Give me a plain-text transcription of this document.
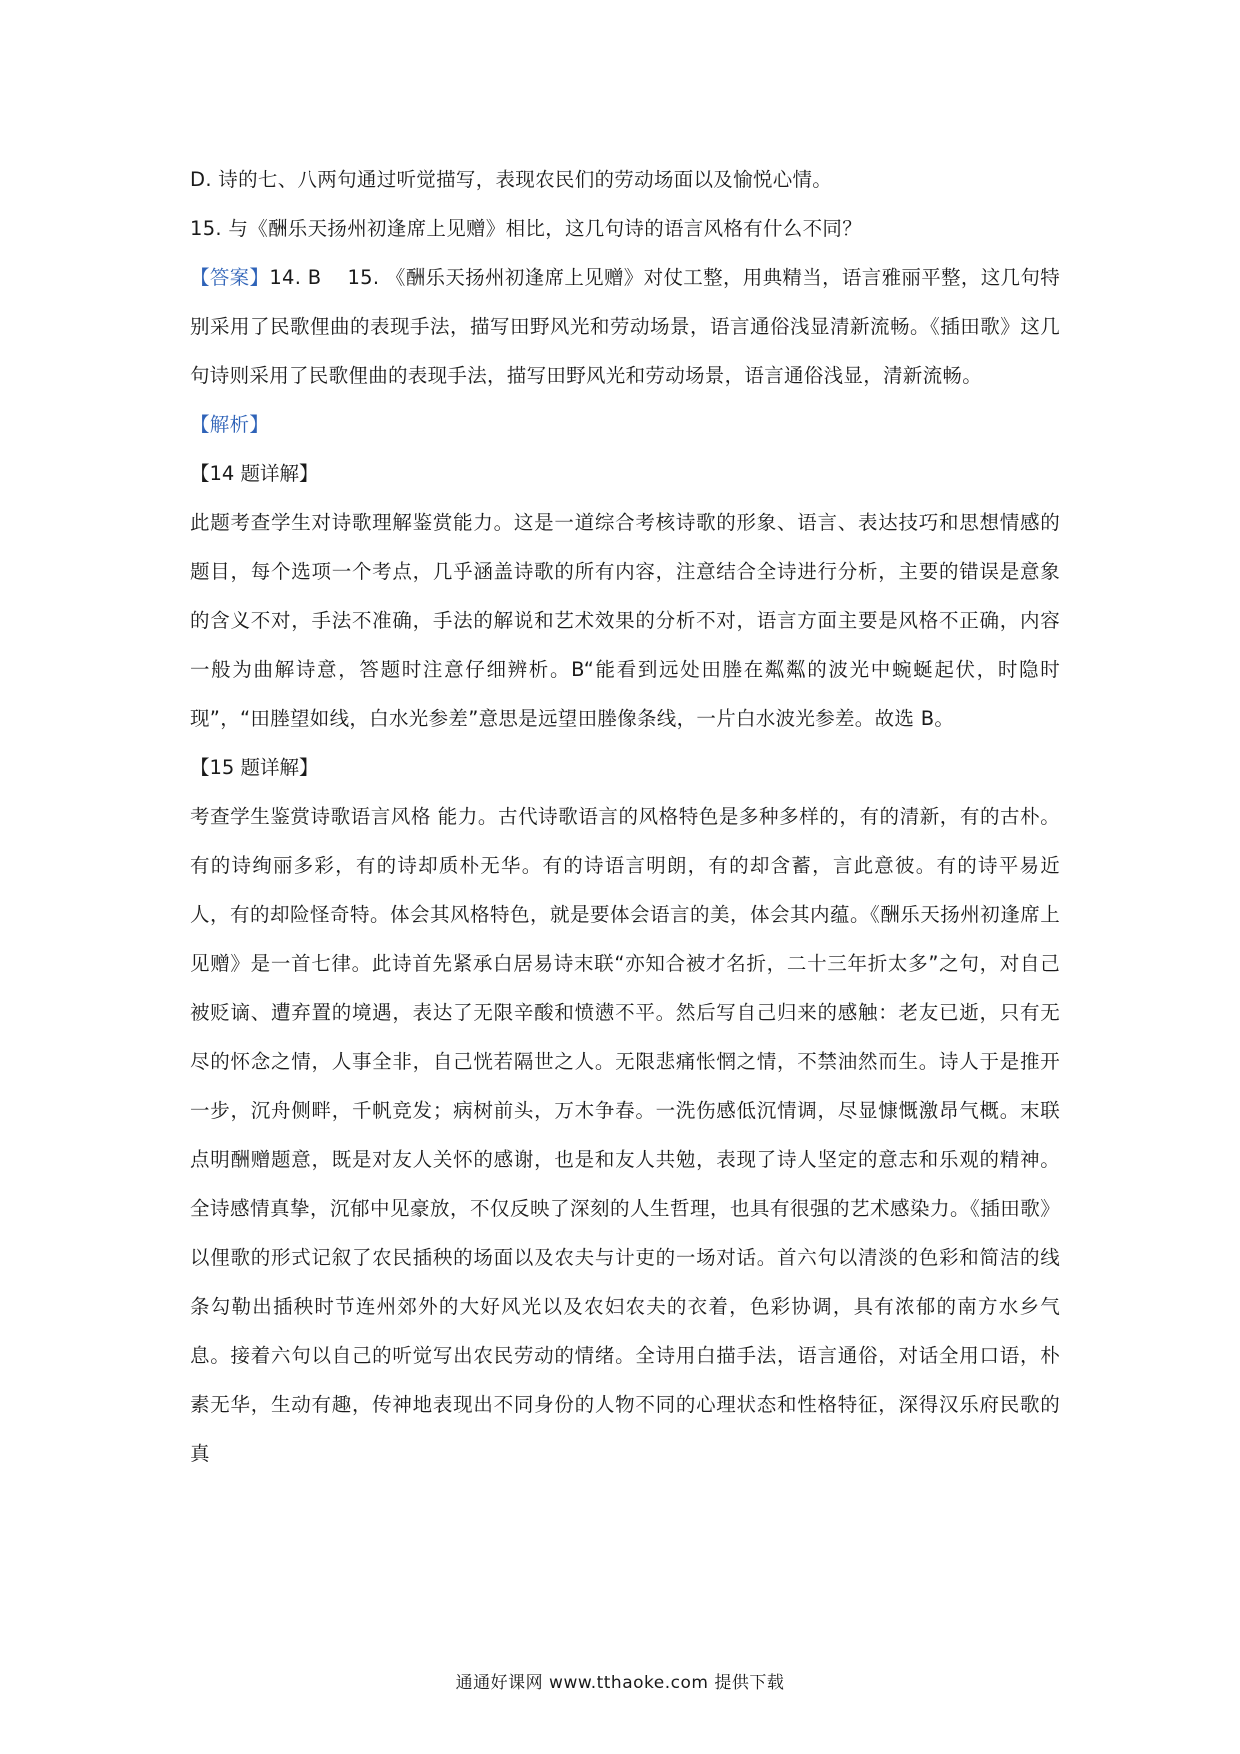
D. 诗的七、八两句通过听觉描写，表现农民们的劳动场面以及愉悦心情。

15. 与《酬乐天扬州初逢席上见赠》相比，这几句诗的语言风格有什么不同？

【答案】14. B 15. 《酬乐天扬州初逢席上见赠》对仗工整，用典精当，语言雅丽平整，这几句特别采用了民歌俚曲的表现手法，描写田野风光和劳动场景，语言通俗浅显清新流畅。《插田歌》这几句诗则采用了民歌俚曲的表现手法，描写田野风光和劳动场景，语言通俗浅显，清新流畅。

【解析】

【14 题详解】

此题考查学生对诗歌理解鉴赏能力。这是一道综合考核诗歌的形象、语言、表达技巧和思想情感的题目，每个选项一个考点，几乎涵盖诗歌的所有内容，注意结合全诗进行分析，主要的错误是意象的含义不对，手法不准确，手法的解说和艺术效果的分析不对，语言方面主要是风格不正确，内容一般为曲解诗意，答题时注意仔细辨析。B“能看到远处田塍在粼粼的波光中蜿蜒起伏，时隐时现”，“田塍望如线，白水光参差”意思是远望田塍像条线，一片白水波光参差。故选 B。

【15 题详解】

考查学生鉴赏诗歌语言风格 能力。古代诗歌语言的风格特色是多种多样的，有的清新，有的古朴。有的诗绚丽多彩，有的诗却质朴无华。有的诗语言明朗，有的却含蓄，言此意彼。有的诗平易近人，有的却险怪奇特。体会其风格特色，就是要体会语言的美，体会其内蕴。《酬乐天扬州初逢席上见赠》是一首七律。此诗首先紧承白居易诗末联“亦知合被才名折，二十三年折太多”之句，对自己被贬谪、遭弃置的境遇，表达了无限辛酸和愤懑不平。然后写自己归来的感触：老友已逝，只有无尽的怀念之情，人事全非，自己恍若隔世之人。无限悲痛怅惘之情，不禁油然而生。诗人于是推开一步，沉舟侧畔，千帆竞发；病树前头，万木争春。一洗伤感低沉情调，尽显慷慨激昂气概。末联点明酬赠题意，既是对友人关怀的感谢，也是和友人共勉，表现了诗人坚定的意志和乐观的精神。全诗感情真挚，沉郁中见豪放，不仅反映了深刻的人生哲理，也具有很强的艺术感染力。《插田歌》以俚歌的形式记叙了农民插秧的场面以及农夫与计吏的一场对话。首六句以清淡的色彩和简洁的线条勾勒出插秧时节连州郊外的大好风光以及农妇农夫的衣着，色彩协调，具有浓郁的南方水乡气息。接着六句以自己的听觉写出农民劳动的情绪。全诗用白描手法，语言通俗，对话全用口语，朴素无华，生动有趣，传神地表现出不同身份的人物不同的心理状态和性格特征，深得汉乐府民歌的真

通通好课网 www.tthaoke.com 提供下载
